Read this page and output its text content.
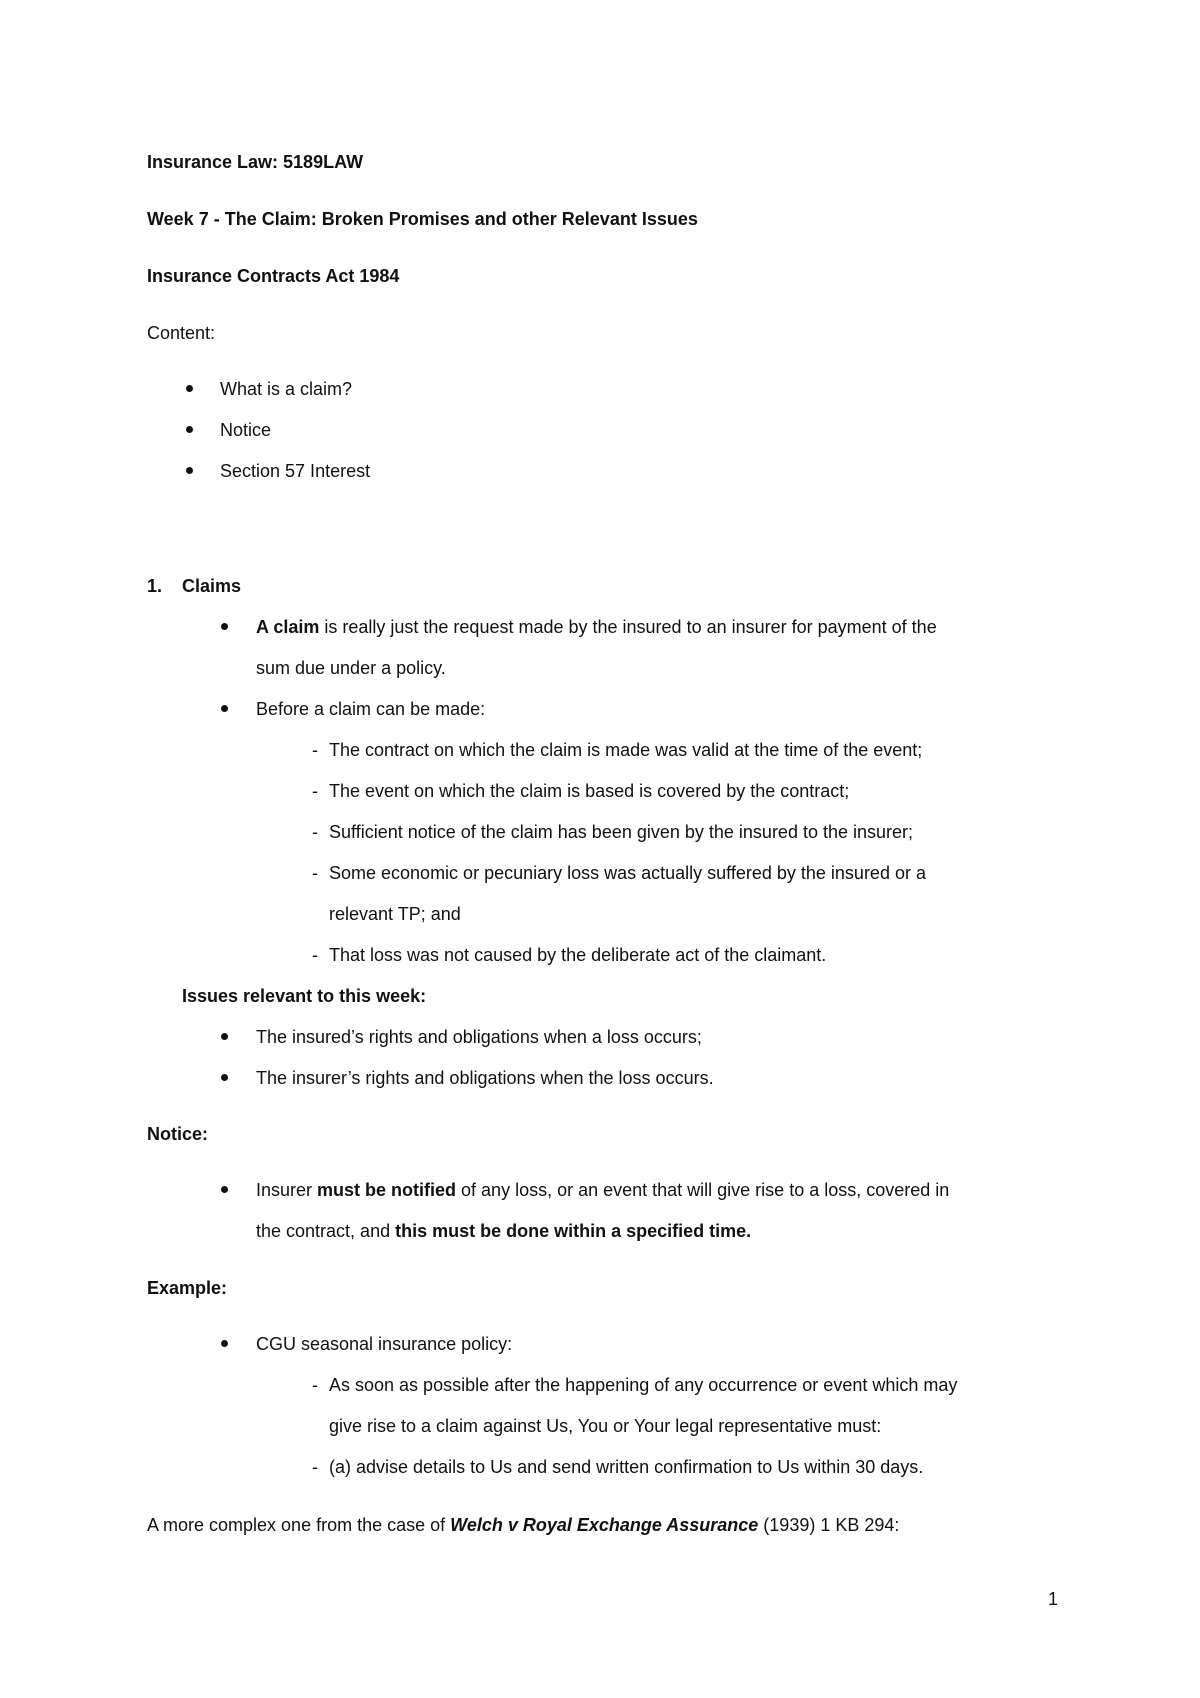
Insurance Law: 5189LAW
Week 7 - The Claim: Broken Promises and other Relevant Issues
Insurance Contracts Act 1984
Content:
What is a claim?
Notice
Section 57 Interest
1. Claims
A claim is really just the request made by the insured to an insurer for payment of the
sum due under a policy.
Before a claim can be made:
- The contract on which the claim is made was valid at the time of the event;
- The event on which the claim is based is covered by the contract;
- Sufficient notice of the claim has been given by the insured to the insurer;
- Some economic or pecuniary loss was actually suffered by the insured or a
relevant TP; and
- That loss was not caused by the deliberate act of the claimant.
Issues relevant to this week:
The insured’s rights and obligations when a loss occurs;
The insurer’s rights and obligations when the loss occurs.
Notice:
Insurer must be notified of any loss, or an event that will give rise to a loss, covered in
the contract, and this must be done within a specified time.
Example:
CGU seasonal insurance policy:
- As soon as possible after the happening of any occurrence or event which may
give rise to a claim against Us, You or Your legal representative must:
- (a) advise details to Us and send written confirmation to Us within 30 days.
A more complex one from the case of Welch v Royal Exchange Assurance (1939) 1 KB 294:
1
